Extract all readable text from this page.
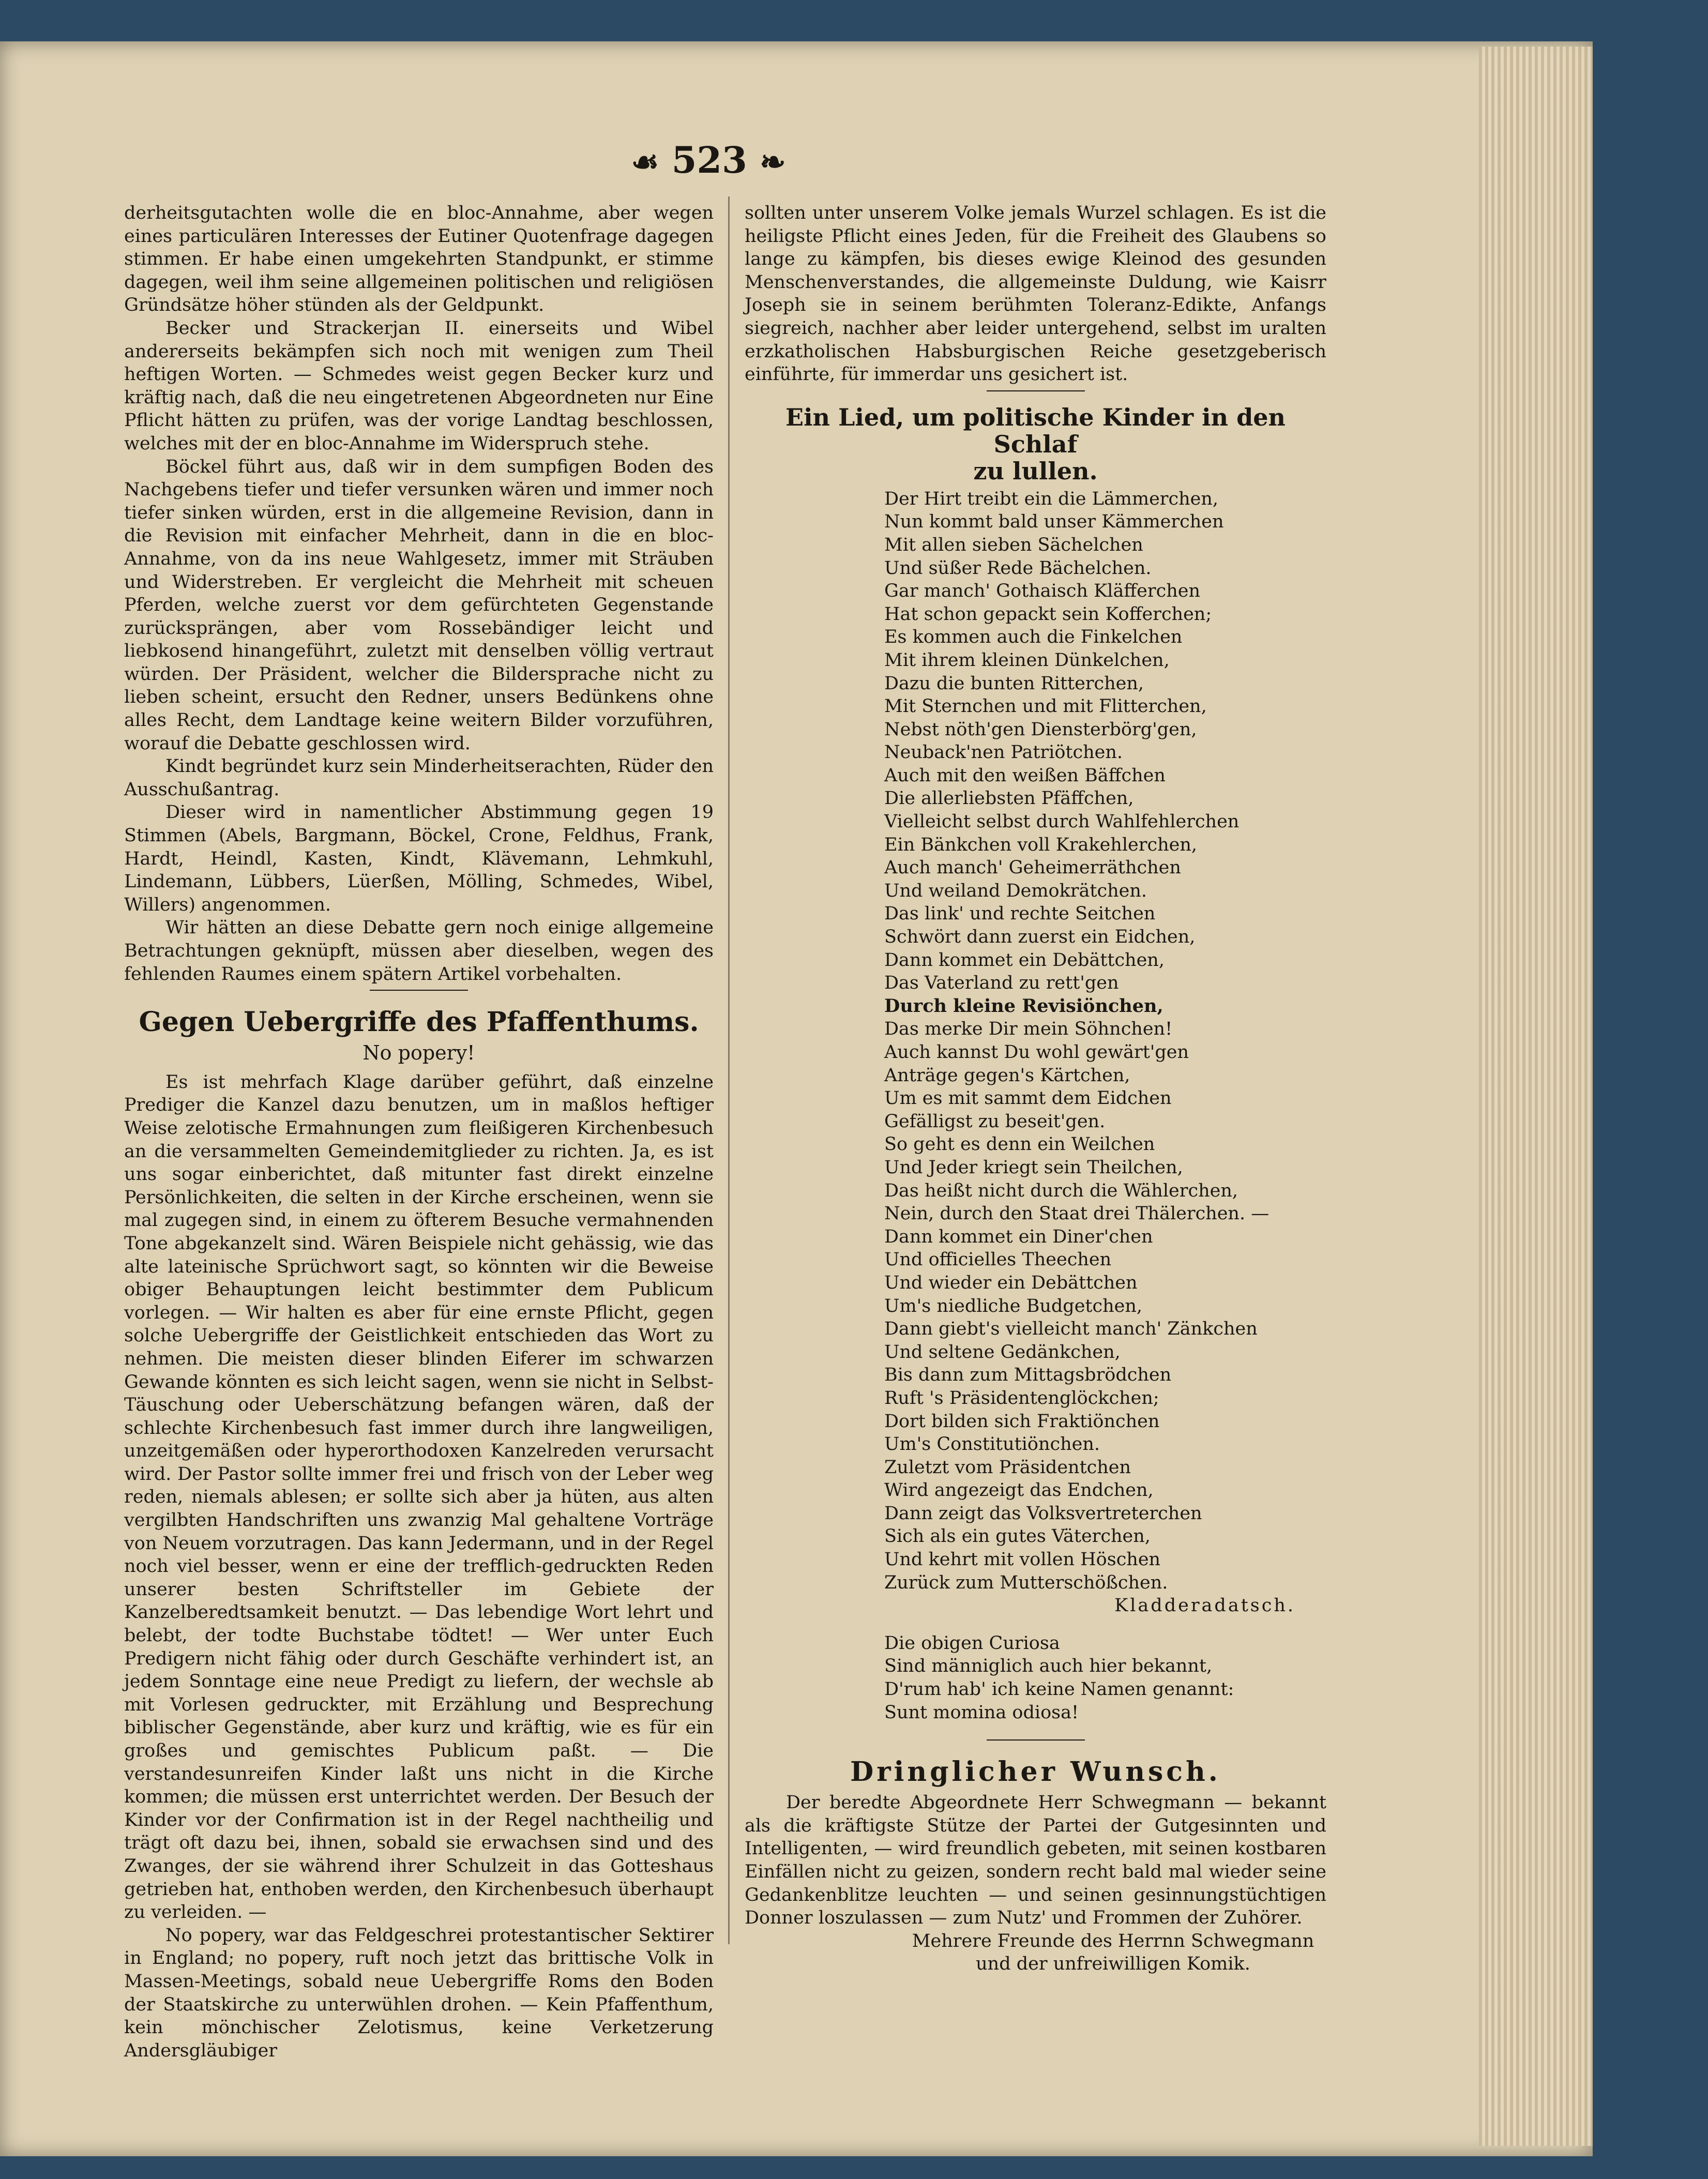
☙ 523 ❧

derheitsgutachten wolle die en bloc-Annahme, aber wegen eines particulären Interesses der Eutiner Quotenfrage dagegen stimmen. Er habe einen umgekehrten Standpunkt, er stimme dagegen, weil ihm seine allgemeinen politischen und religiösen Gründsätze höher stünden als der Geldpunkt.

Becker und Strackerjan II. einerseits und Wibel andererseits bekämpfen sich noch mit wenigen zum Theil heftigen Worten. — Schmedes weist gegen Becker kurz und kräftig nach, daß die neu eingetretenen Abgeordneten nur Eine Pflicht hätten zu prüfen, was der vorige Landtag beschlossen, welches mit der en bloc-Annahme im Widerspruch stehe.

Böckel führt aus, daß wir in dem sumpfigen Boden des Nachgebens tiefer und tiefer versunken wären und immer noch tiefer sinken würden, erst in die allgemeine Revision, dann in die Revision mit einfacher Mehrheit, dann in die en bloc-Annahme, von da ins neue Wahlgesetz, immer mit Sträuben und Widerstreben. Er vergleicht die Mehrheit mit scheuen Pferden, welche zuerst vor dem gefürchteten Gegenstande zurücksprängen, aber vom Rossebändiger leicht und liebkosend hinangeführt, zuletzt mit denselben völlig vertraut würden. Der Präsident, welcher die Bildersprache nicht zu lieben scheint, ersucht den Redner, unsers Bedünkens ohne alles Recht, dem Landtage keine weitern Bilder vorzuführen, worauf die Debatte geschlossen wird.

Kindt begründet kurz sein Minderheitserachten, Rüder den Ausschußantrag.

Dieser wird in namentlicher Abstimmung gegen 19 Stimmen (Abels, Bargmann, Böckel, Crone, Feldhus, Frank, Hardt, Heindl, Kasten, Kindt, Klävemann, Lehmkuhl, Lindemann, Lübbers, Lüerßen, Mölling, Schmedes, Wibel, Willers) angenommen.

Wir hätten an diese Debatte gern noch einige allgemeine Betrachtungen geknüpft, müssen aber dieselben, wegen des fehlenden Raumes einem spätern Artikel vorbehalten.

Gegen Uebergriffe des Pfaffenthums.
No popery!

Es ist mehrfach Klage darüber geführt, daß einzelne Prediger die Kanzel dazu benutzen, um in maßlos heftiger Weise zelotische Ermahnungen zum fleißigeren Kirchenbesuch an die versammelten Gemeindemitglieder zu richten. Ja, es ist uns sogar einberichtet, daß mitunter fast direkt einzelne Persönlichkeiten, die selten in der Kirche erscheinen, wenn sie mal zugegen sind, in einem zu öfterem Besuche vermahnenden Tone abgekanzelt sind. Wären Beispiele nicht gehässig, wie das alte lateinische Sprüchwort sagt, so könnten wir die Beweise obiger Behauptungen leicht bestimmter dem Publicum vorlegen. — Wir halten es aber für eine ernste Pflicht, gegen solche Uebergriffe der Geistlichkeit entschieden das Wort zu nehmen. Die meisten dieser blinden Eiferer im schwarzen Gewande könnten es sich leicht sagen, wenn sie nicht in Selbst-Täuschung oder Ueberschätzung befangen wären, daß der schlechte Kirchenbesuch fast immer durch ihre langweiligen, unzeitgemäßen oder hyperorthodoxen Kanzelreden verursacht wird. Der Pastor sollte immer frei und frisch von der Leber weg reden, niemals ablesen; er sollte sich aber ja hüten, aus alten vergilbten Handschriften uns zwanzig Mal gehaltene Vorträge von Neuem vorzutragen. Das kann Jedermann, und in der Regel noch viel besser, wenn er eine der trefflich-gedruckten Reden unserer besten Schriftsteller im Gebiete der Kanzelberedtsamkeit benutzt. — Das lebendige Wort lehrt und belebt, der todte Buchstabe tödtet! — Wer unter Euch Predigern nicht fähig oder durch Geschäfte verhindert ist, an jedem Sonntage eine neue Predigt zu liefern, der wechsle ab mit Vorlesen gedruckter, mit Erzählung und Besprechung biblischer Gegenstände, aber kurz und kräftig, wie es für ein großes und gemischtes Publicum paßt. — Die verstandesunreifen Kinder laßt uns nicht in die Kirche kommen; die müssen erst unterrichtet werden. Der Besuch der Kinder vor der Confirmation ist in der Regel nachtheilig und trägt oft dazu bei, ihnen, sobald sie erwachsen sind und des Zwanges, der sie während ihrer Schulzeit in das Gotteshaus getrieben hat, enthoben werden, den Kirchenbesuch überhaupt zu verleiden. —

No popery, war das Feldgeschrei protestantischer Sektirer in England; no popery, ruft noch jetzt das brittische Volk in Massen-Meetings, sobald neue Uebergriffe Roms den Boden der Staatskirche zu unterwühlen drohen. — Kein Pfaffenthum, kein mönchischer Zelotismus, keine Verketzerung Andersgläubiger

sollten unter unserem Volke jemals Wurzel schlagen. Es ist die heiligste Pflicht eines Jeden, für die Freiheit des Glaubens so lange zu kämpfen, bis dieses ewige Kleinod des gesunden Menschenverstandes, die allgemeinste Duldung, wie Kaisrr Joseph sie in seinem berühmten Toleranz-Edikte, Anfangs siegreich, nachher aber leider untergehend, selbst im uralten erzkatholischen Habsburgischen Reiche gesetzgeberisch einführte, für immerdar uns gesichert ist.

Ein Lied, um politische Kinder in den Schlaf
zu lullen.
Der Hirt treibt ein die Lämmerchen,
Nun kommt bald unser Kämmerchen
Mit allen sieben Sächelchen
Und süßer Rede Bächelchen.
Gar manch' Gothaisch Kläfferchen
Hat schon gepackt sein Kofferchen;
Es kommen auch die Finkelchen
Mit ihrem kleinen Dünkelchen,
Dazu die bunten Ritterchen,
Mit Sternchen und mit Flitterchen,
Nebst nöth'gen Diensterbörg'gen,
Neuback'nen Patriötchen.
Auch mit den weißen Bäffchen
Die allerliebsten Pfäffchen,
Vielleicht selbst durch Wahlfehlerchen
Ein Bänkchen voll Krakehlerchen,
Auch manch' Geheimerräthchen
Und weiland Demokrätchen.
Das link' und rechte Seitchen
Schwört dann zuerst ein Eidchen,
Dann kommet ein Debättchen,
Das Vaterland zu rett'gen
Durch kleine Revisiönchen,
Das merke Dir mein Söhnchen!
Auch kannst Du wohl gewärt'gen
Anträge gegen's Kärtchen,
Um es mit sammt dem Eidchen
Gefälligst zu beseit'gen.
So geht es denn ein Weilchen
Und Jeder kriegt sein Theilchen,
Das heißt nicht durch die Wählerchen,
Nein, durch den Staat drei Thälerchen. —
Dann kommet ein Diner'chen
Und officielles Theechen
Und wieder ein Debättchen
Um's niedliche Budgetchen,
Dann giebt's vielleicht manch' Zänkchen
Und seltene Gedänkchen,
Bis dann zum Mittagsbrödchen
Ruft 's Präsidentenglöckchen;
Dort bilden sich Fraktiönchen
Um's Constitutiönchen.
Zuletzt vom Präsidentchen
Wird angezeigt das Endchen,
Dann zeigt das Volksvertreterchen
Sich als ein gutes Väterchen,
Und kehrt mit vollen Höschen
Zurück zum Mutterschößchen.
Kladderadatsch.
Die obigen Curiosa
Sind männiglich auch hier bekannt,
D'rum hab' ich keine Namen genannt:
Sunt momina odiosa!
Dringlicher Wunsch.

Der beredte Abgeordnete Herr Schwegmann — bekannt als die kräftigste Stütze der Partei der Gutgesinnten und Intelligenten, — wird freundlich gebeten, mit seinen kostbaren Einfällen nicht zu geizen, sondern recht bald mal wieder seine Gedankenblitze leuchten — und seinen gesinnungstüchtigen Donner loszulassen — zum Nutz' und Frommen der Zuhörer.

Mehrere Freunde des Herrnn Schwegmann
und der unfreiwilligen Komik.
